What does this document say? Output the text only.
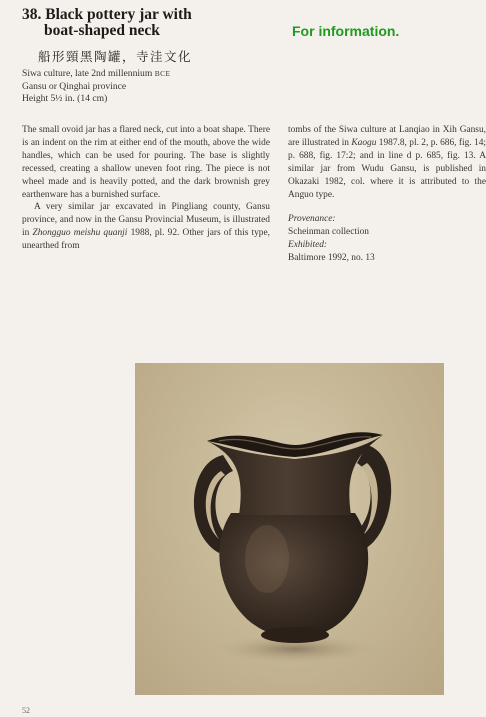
38. Black pottery jar with
boat-shaped neck
船形頸黑陶罐，寺洼文化
For information.
Siwa culture, late 2nd millennium BCE
Gansu or Qinghai province
Height 5½ in. (14 cm)

The small ovoid jar has a flared neck, cut into a boat shape. There is an indent on the rim at either end of the mouth, above the wide handles, which can be used for pouring. The base is slightly recessed, creating a shallow uneven foot ring. The piece is not wheel made and is heavily potted, and the dark brownish grey earthenware has a burnished surface.

A very similar jar excavated in Pingliang county, Gansu province, and now in the Gansu Provincial Museum, is illustrated in Zhongguo meishu quanji 1988, pl. 92. Other jars of this type, unearthed from

tombs of the Siwa culture at Lanqiao in Xih Gansu, are illustrated in Kaogu 1987.8, pl. 2, p. 686, fig. 14; p. 688, fig. 17:2; and in line d p. 685, fig. 13. A similar jar from Wudu Gansu, is published in Okazaki 1982, col. where it is attributed to the Anguo type.

Provenance:
Scheinman collection
Exhibited:
Baltimore 1992, no. 13
52
